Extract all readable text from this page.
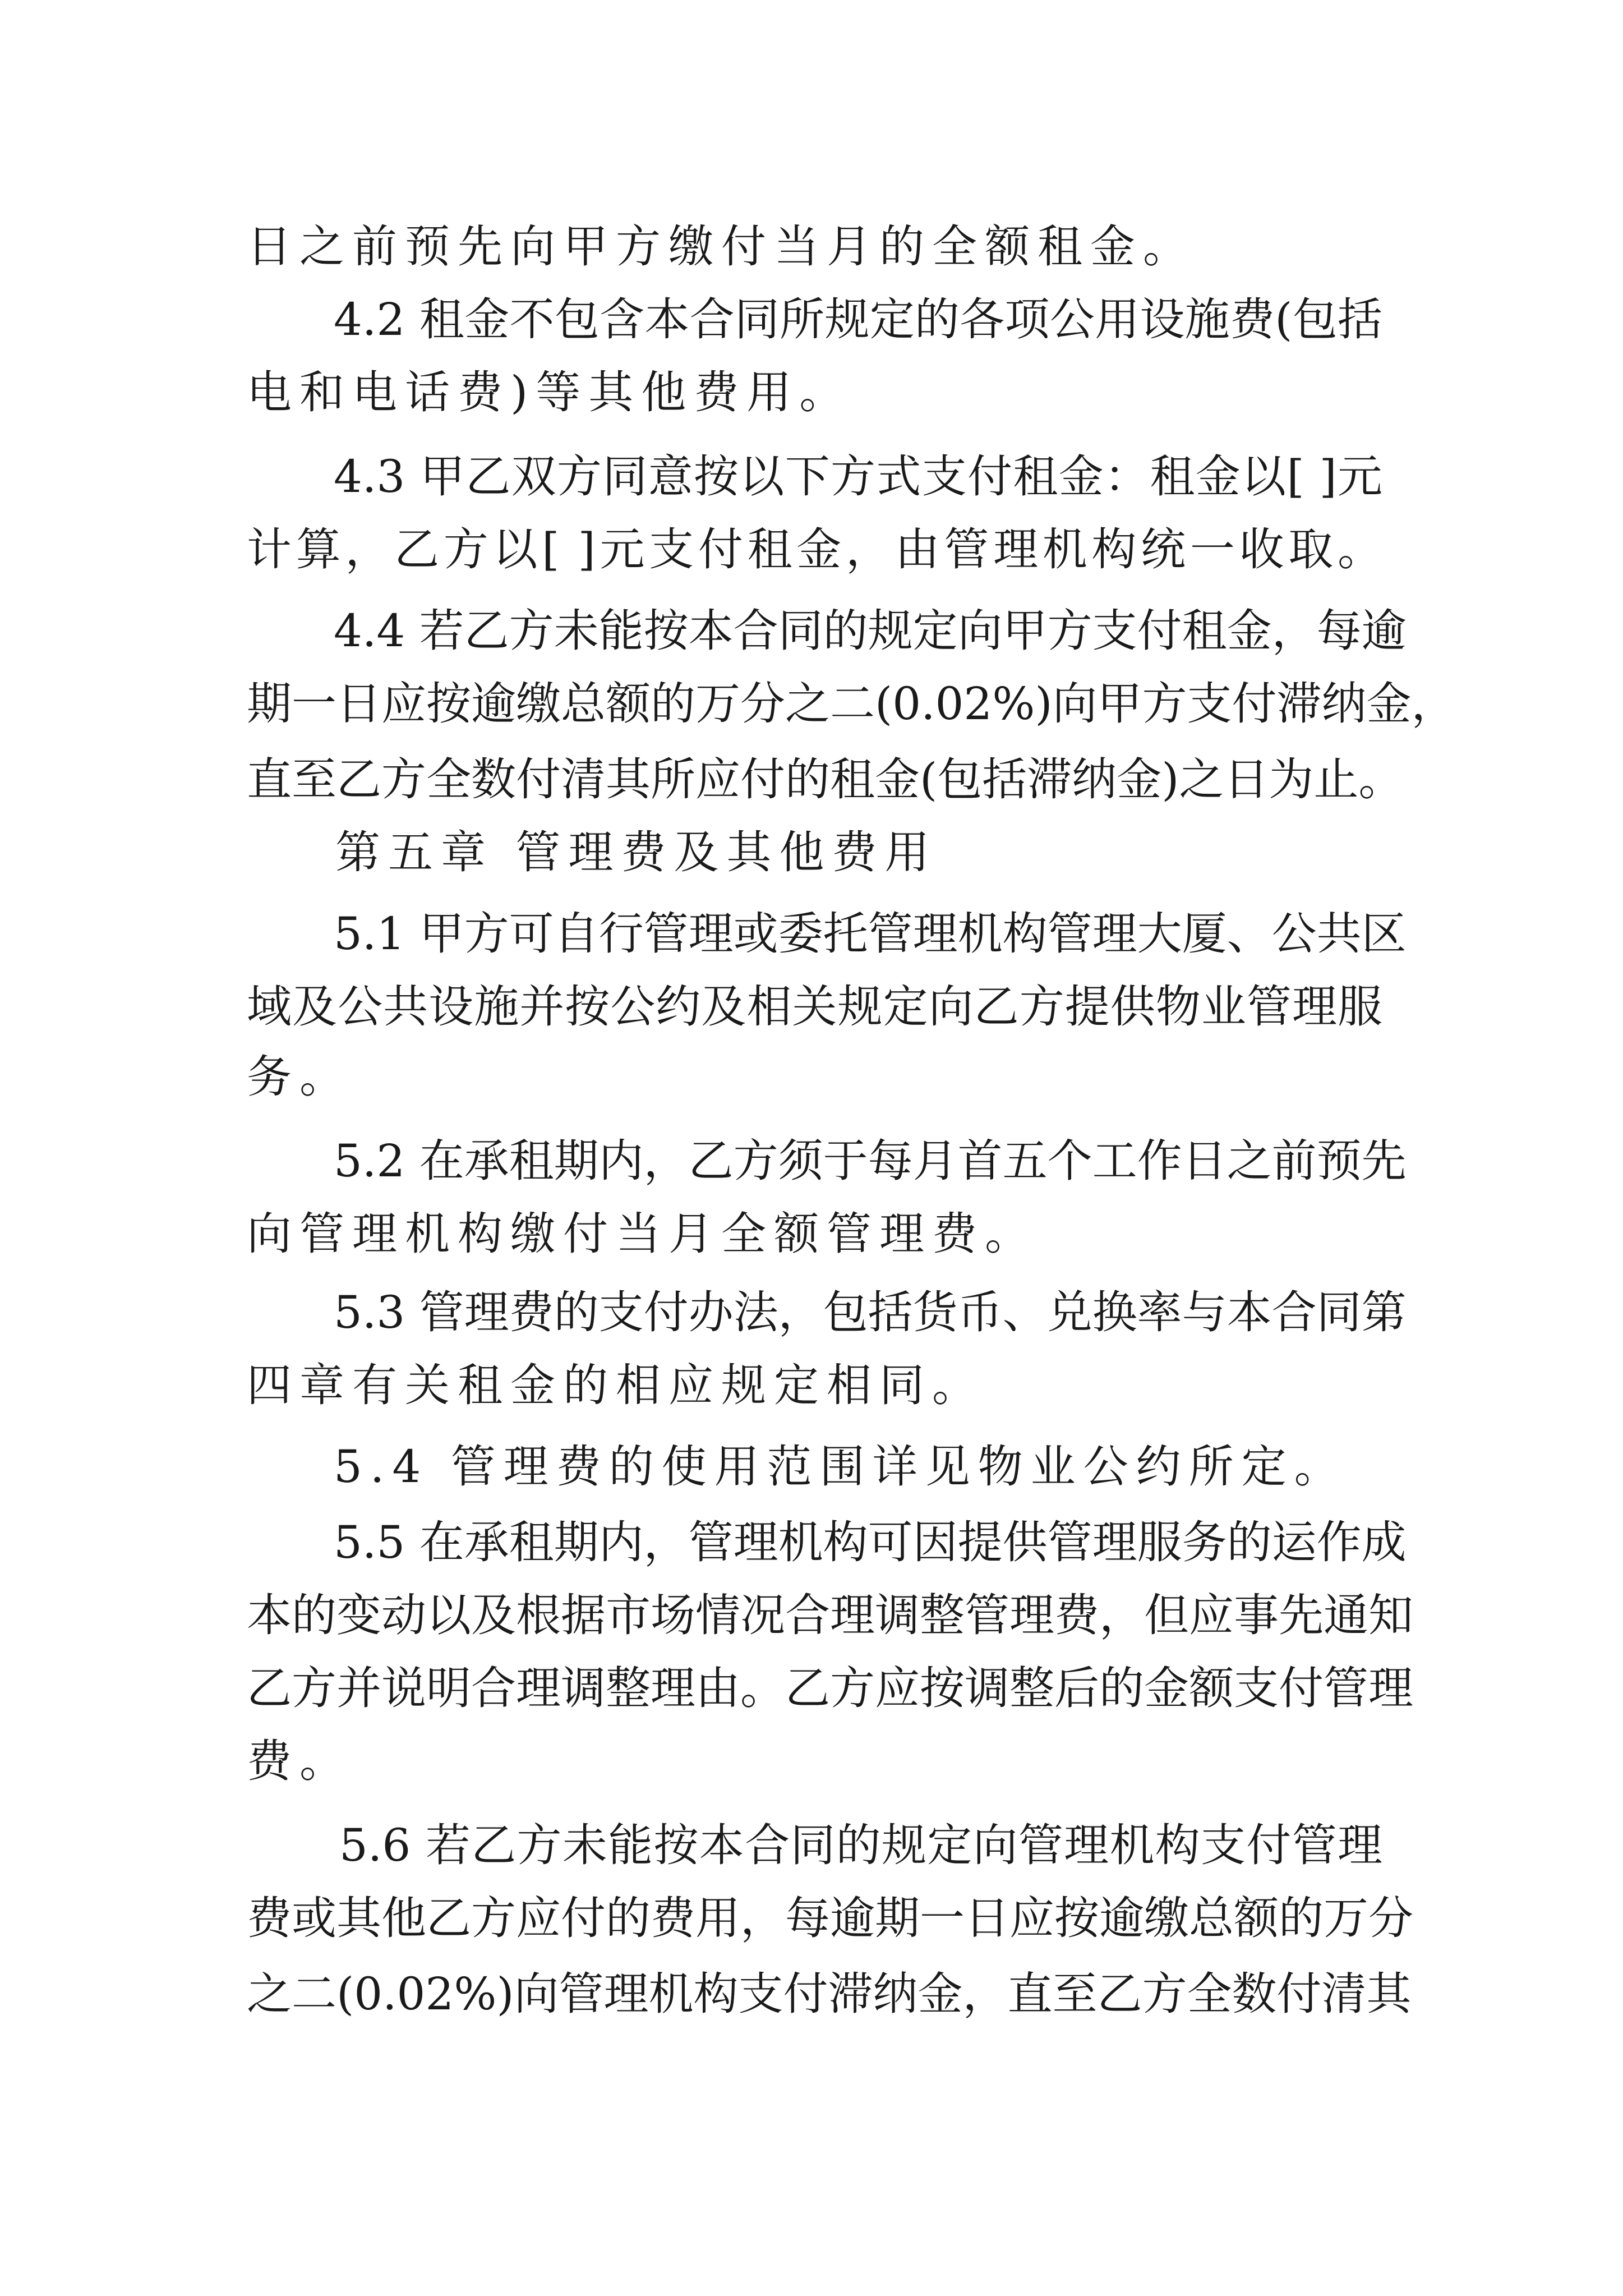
日之前预先向甲方缴付当月的全额租金。
4.2 租金不包含本合同所规定的各项公用设施费(包括
电和电话费)等其他费用。
4.3 甲乙双方同意按以下方式支付租金：租金以[ ]元
计算，乙方以[ ]元支付租金，由管理机构统一收取。
4.4 若乙方未能按本合同的规定向甲方支付租金，每逾
期一日应按逾缴总额的万分之二(0.02%)向甲方支付滞纳金，
直至乙方全数付清其所应付的租金(包括滞纳金)之日为止。
第五章 管理费及其他费用
5.1 甲方可自行管理或委托管理机构管理大厦、公共区
域及公共设施并按公约及相关规定向乙方提供物业管理服
务。
5.2 在承租期内，乙方须于每月首五个工作日之前预先
向管理机构缴付当月全额管理费。
5.3 管理费的支付办法，包括货币、兑换率与本合同第
四章有关租金的相应规定相同。
5.4 管理费的使用范围详见物业公约所定。
5.5 在承租期内，管理机构可因提供管理服务的运作成
本的变动以及根据市场情况合理调整管理费，但应事先通知
乙方并说明合理调整理由。乙方应按调整后的金额支付管理
费。
5.6 若乙方未能按本合同的规定向管理机构支付管理
费或其他乙方应付的费用，每逾期一日应按逾缴总额的万分
之二(0.02%)向管理机构支付滞纳金，直至乙方全数付清其
